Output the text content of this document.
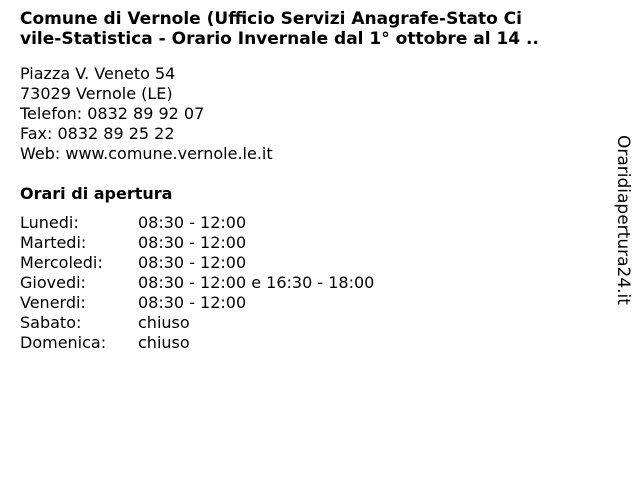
Comune di Vernole (Ufficio Servizi Anagrafe-Stato Ci
vile-Statistica - Orario Invernale dal 1° ottobre al 14 ..
Piazza V. Veneto 54
73029 Vernole (LE)
Telefon: 0832 89 92 07
Fax: 0832 89 25 22
Web: www.comune.vernole.le.it
Orari di apertura
Lunedi:	08:30 - 12:00
Martedi:	08:30 - 12:00
Mercoledi: 08:30 - 12:00
Giovedi:	08:30 - 12:00 e 16:30 - 18:00
Venerdi:	08:30 - 12:00
Sabato:	chiuso
Domenica: chiuso
Oraridiapertura24.it
